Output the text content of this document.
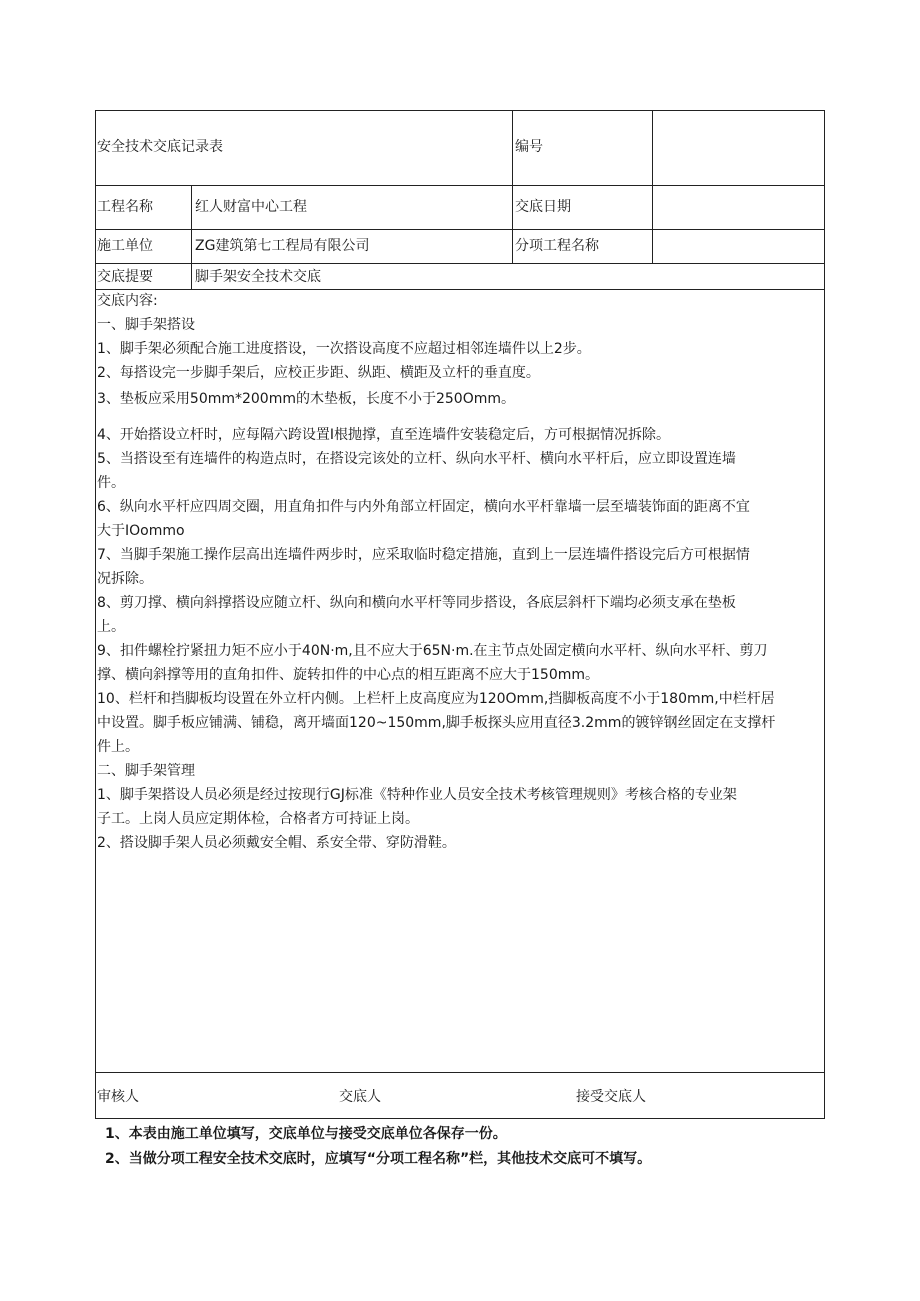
安全技术交底记录表	编号
工程名称	红人财富中心工程	交底日期
施工单位	ZG建筑第七工程局有限公司	分项工程名称
交底提要	脚手架安全技术交底
交底内容:
一、脚手架搭设
1、脚手架必须配合施工进度搭设，一次搭设高度不应超过相邻连墙件以上2步。
2、每搭设完一步脚手架后，应校正步距、纵距、横距及立杆的垂直度。
3、垫板应采用50mm*200mm的木垫板，长度不小于250Omm。
4、开始搭设立杆时，应每隔六跨设置I根抛撑，直至连墙件安装稳定后，方可根据情况拆除。
5、当搭设至有连墙件的构造点时，在搭设完该处的立杆、纵向水平杆、横向水平杆后，应立即设置连墙
件。
6、纵向水平杆应四周交圈，用直角扣件与内外角部立杆固定，横向水平杆靠墙一层至墙装饰面的距离不宜
大于IOommo
7、当脚手架施工操作层高出连墙件两步时，应采取临时稳定措施，直到上一层连墙件搭设完后方可根据情
况拆除。
8、剪刀撑、横向斜撑搭设应随立杆、纵向和横向水平杆等同步搭设，各底层斜杆下端均必须支承在垫板
上。
9、扣件螺栓拧紧扭力矩不应小于40N·m,且不应大于65N·m.在主节点处固定横向水平杆、纵向水平杆、剪刀
撑、横向斜撑等用的直角扣件、旋转扣件的中心点的相互距离不应大于150mm。
10、栏杆和挡脚板均设置在外立杆内侧。上栏杆上皮高度应为120Omm,挡脚板高度不小于180mm,中栏杆居
中设置。脚手板应铺满、铺稳，离开墙面120~150mm,脚手板探头应用直径3.2mm的镀锌钢丝固定在支撑杆
件上。
二、脚手架管理
1、脚手架搭设人员必须是经过按现行GJ标准《特种作业人员安全技术考核管理规则》考核合格的专业架
子工。上岗人员应定期体检，合格者方可持证上岗。
2、搭设脚手架人员必须戴安全帽、系安全带、穿防滑鞋。
审核人	交底人	接受交底人
1、本表由施工单位填写，交底单位与接受交底单位各保存一份。
2、当做分项工程安全技术交底时，应填写“分项工程名称”栏，其他技术交底可不填写。
